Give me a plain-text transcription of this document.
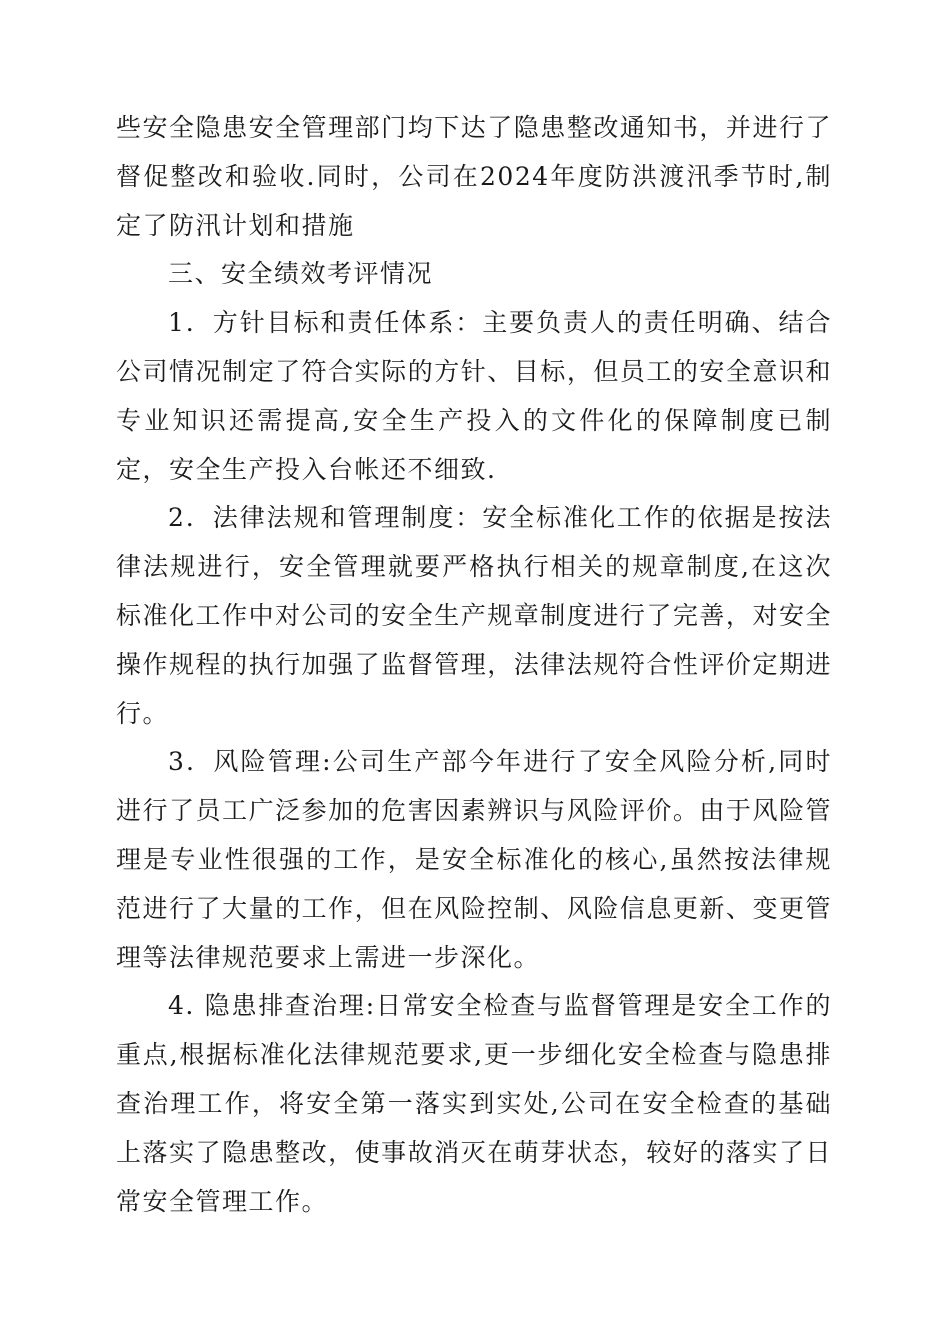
些安全隐患安全管理部门均下达了隐患整改通知书，并进行了督促整改和验收.同时，公司在2024年度防洪渡汛季节时,制定了防汛计划和措施

三、安全绩效考评情况

1．方针目标和责任体系：主要负责人的责任明确、结合公司情况制定了符合实际的方针、目标，但员工的安全意识和专业知识还需提高,安全生产投入的文件化的保障制度已制定，安全生产投入台帐还不细致.

2．法律法规和管理制度：安全标准化工作的依据是按法律法规进行，安全管理就要严格执行相关的规章制度,在这次标准化工作中对公司的安全生产规章制度进行了完善，对安全操作规程的执行加强了监督管理，法律法规符合性评价定期进行。

3．风险管理:公司生产部今年进行了安全风险分析,同时进行了员工广泛参加的危害因素辨识与风险评价。由于风险管理是专业性很强的工作，是安全标准化的核心,虽然按法律规范进行了大量的工作，但在风险控制、风险信息更新、变更管理等法律规范要求上需进一步深化。

4. 隐患排查治理:日常安全检查与监督管理是安全工作的重点,根据标准化法律规范要求,更一步细化安全检查与隐患排查治理工作，将安全第一落实到实处,公司在安全检查的基础上落实了隐患整改，使事故消灭在萌芽状态，较好的落实了日常安全管理工作。
